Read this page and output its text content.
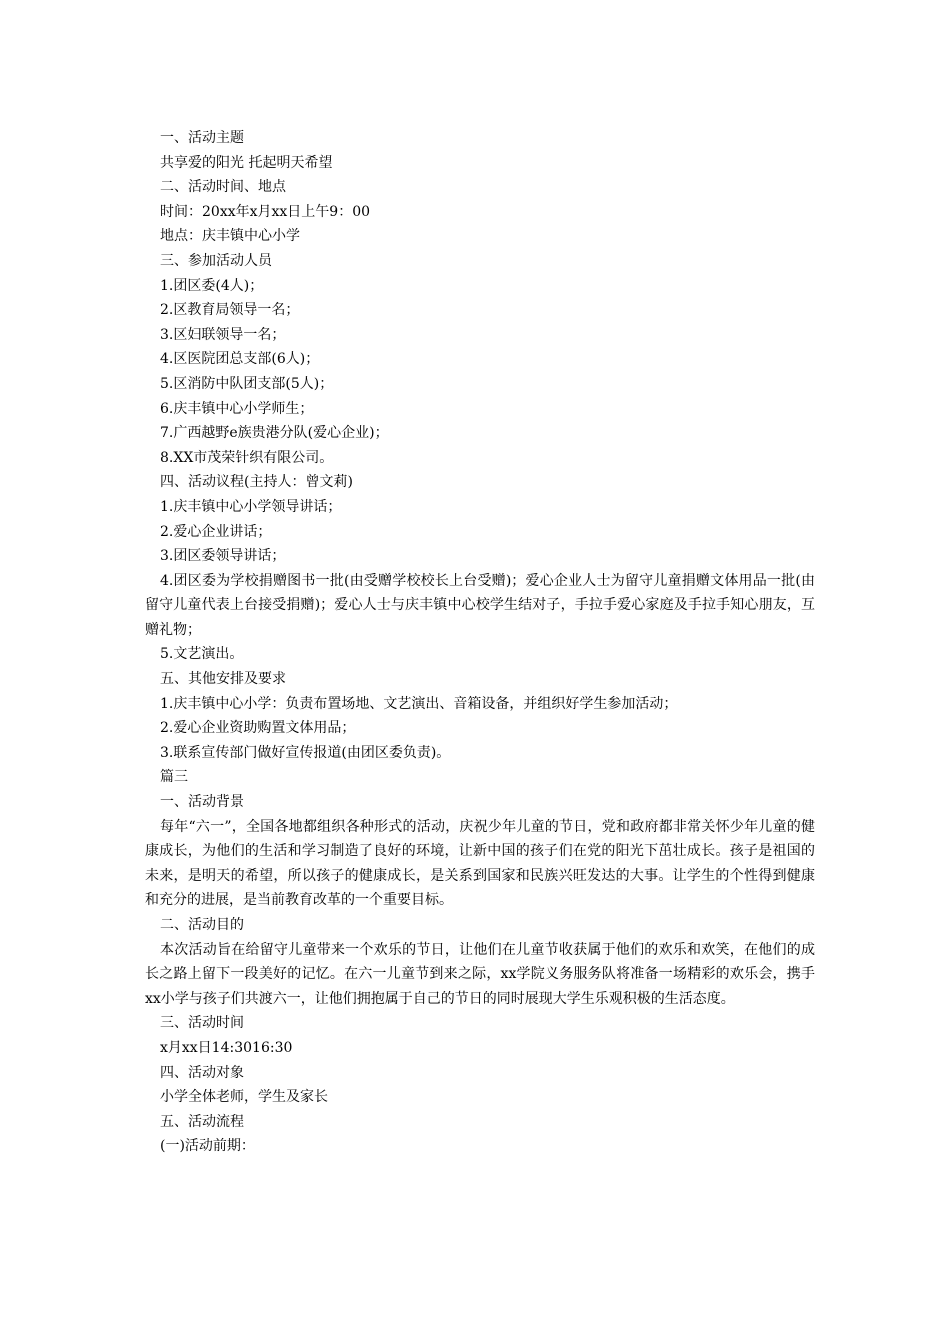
一、活动主题

共享爱的阳光 托起明天希望

二、活动时间、地点

时间：20xx年x月xx日上午9：00

地点：庆丰镇中心小学

三、参加活动人员

1.团区委(4人)；

2.区教育局领导一名；

3.区妇联领导一名；

4.区医院团总支部(6人)；

5.区消防中队团支部(5人)；

6.庆丰镇中心小学师生；

7.广西越野e族贵港分队(爱心企业)；

8.XX市茂荣针织有限公司。

四、活动议程(主持人：曾文莉)

1.庆丰镇中心小学领导讲话；

2.爱心企业讲话；

3.团区委领导讲话；

4.团区委为学校捐赠图书一批(由受赠学校校长上台受赠)；爱心企业人士为留守儿童捐赠文体用品一批(由留守儿童代表上台接受捐赠)；爱心人士与庆丰镇中心校学生结对子，手拉手爱心家庭及手拉手知心朋友，互赠礼物；

5.文艺演出。

五、其他安排及要求

1.庆丰镇中心小学：负责布置场地、文艺演出、音箱设备，并组织好学生参加活动；

2.爱心企业资助购置文体用品；

3.联系宣传部门做好宣传报道(由团区委负责)。

篇三

一、活动背景

每年“六一”，全国各地都组织各种形式的活动，庆祝少年儿童的节日，党和政府都非常关怀少年儿童的健康成长，为他们的生活和学习制造了良好的环境，让新中国的孩子们在党的阳光下茁壮成长。孩子是祖国的未来，是明天的希望，所以孩子的健康成长，是关系到国家和民族兴旺发达的大事。让学生的个性得到健康和充分的进展，是当前教育改革的一个重要目标。

二、活动目的

本次活动旨在给留守儿童带来一个欢乐的节日，让他们在儿童节收获属于他们的欢乐和欢笑，在他们的成长之路上留下一段美好的记忆。在六一儿童节到来之际，xx学院义务服务队将准备一场精彩的欢乐会，携手xx小学与孩子们共渡六一，让他们拥抱属于自己的节日的同时展现大学生乐观积极的生活态度。

三、活动时间

x月xx日14:3016:30

四、活动对象

小学全体老师，学生及家长

五、活动流程

(一)活动前期：
